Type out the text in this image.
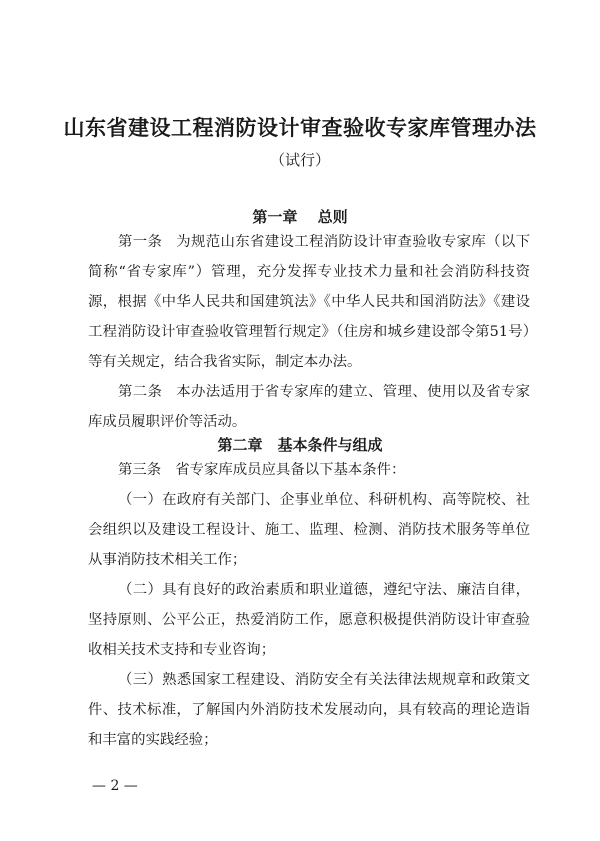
山东省建设工程消防设计审查验收专家库管理办法
（试行）
第一章　 总则

第一条 为规范山东省建设工程消防设计审查验收专家库（以下简称“省专家库”）管理，充分发挥专业技术力量和社会消防科技资源，根据《中华人民共和国建筑法》《中华人民共和国消防法》《建设工程消防设计审查验收管理暂行规定》（住房和城乡建设部令第51号）等有关规定，结合我省实际，制定本办法。

第二条 本办法适用于省专家库的建立、管理、使用以及省专家库成员履职评价等活动。

第二章　基本条件与组成

第三条 省专家库成员应具备以下基本条件：

（一）在政府有关部门、企事业单位、科研机构、高等院校、社会组织以及建设工程设计、施工、监理、检测、消防技术服务等单位从事消防技术相关工作；

（二）具有良好的政治素质和职业道德，遵纪守法、廉洁自律，坚持原则、公平公正，热爱消防工作，愿意积极提供消防设计审查验收相关技术支持和专业咨询；

（三）熟悉国家工程建设、消防安全有关法律法规规章和政策文件、技术标准，了解国内外消防技术发展动向，具有较高的理论造诣和丰富的实践经验；

— 2 —
